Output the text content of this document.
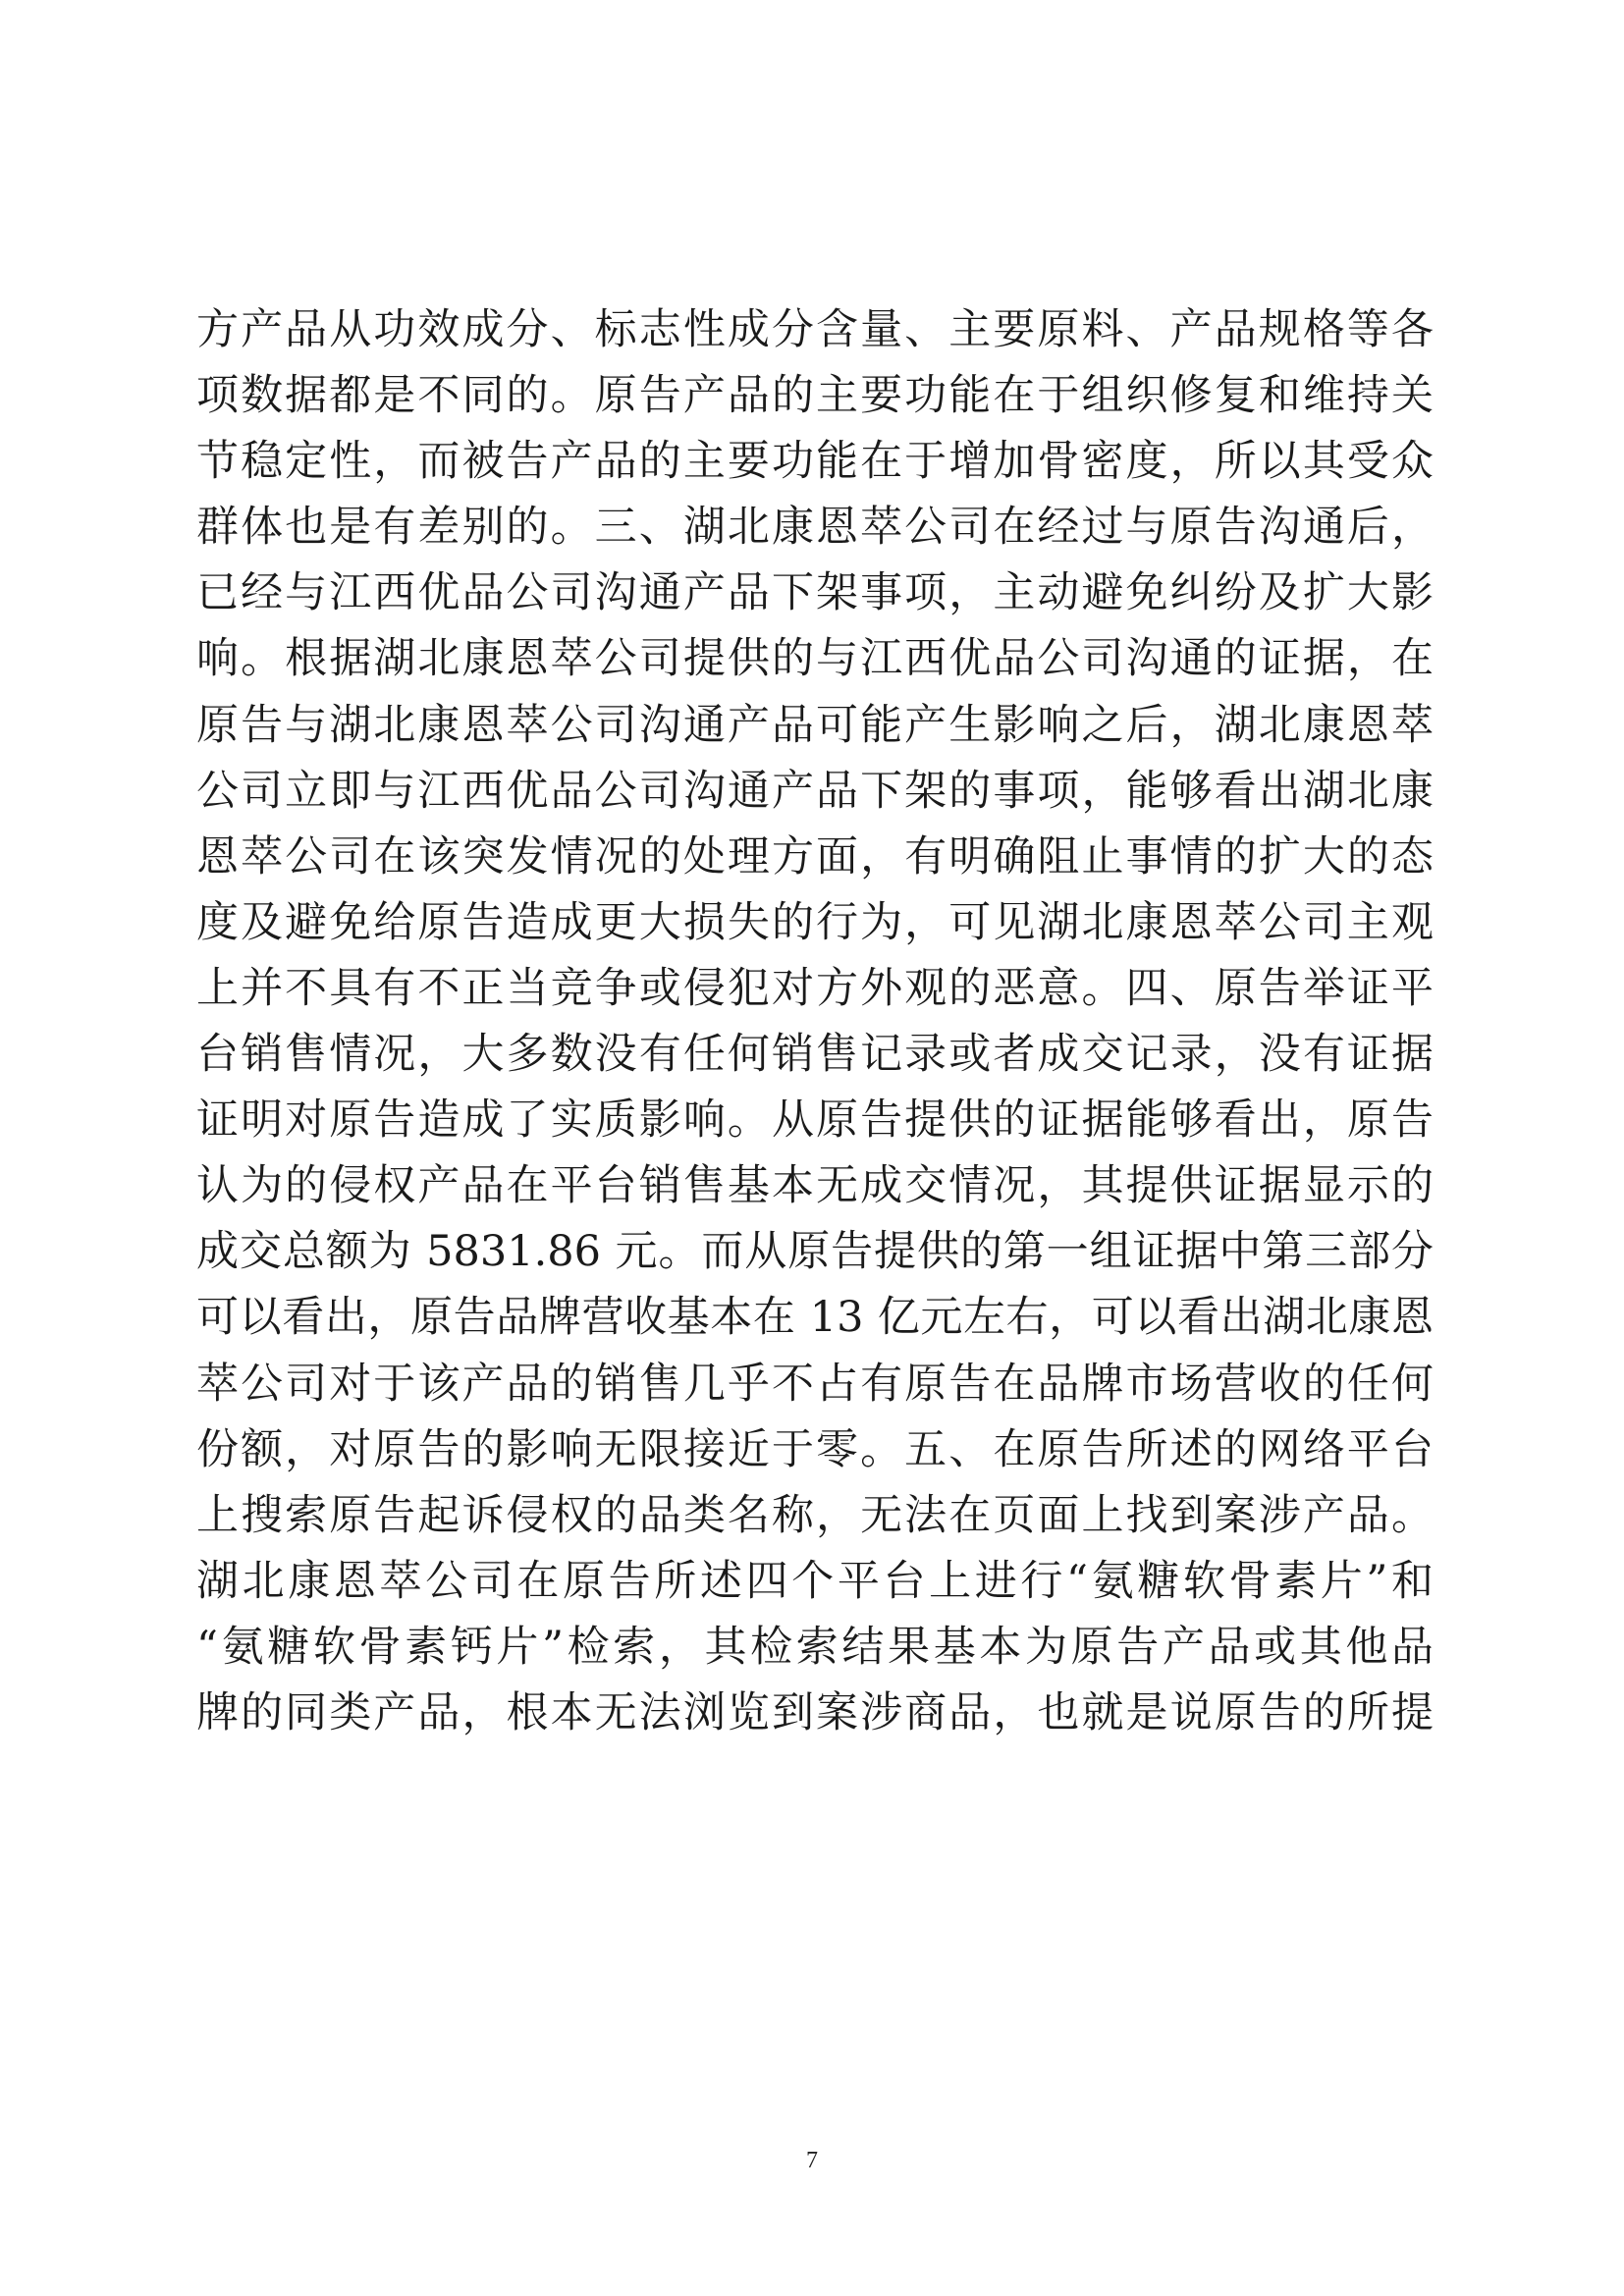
方产品从功效成分、标志性成分含量、主要原料、产品规格等各
项数据都是不同的。原告产品的主要功能在于组织修复和维持关
节稳定性，而被告产品的主要功能在于增加骨密度，所以其受众
群体也是有差别的。三、湖北康恩萃公司在经过与原告沟通后，
已经与江西优品公司沟通产品下架事项，主动避免纠纷及扩大影
响。根据湖北康恩萃公司提供的与江西优品公司沟通的证据，在
原告与湖北康恩萃公司沟通产品可能产生影响之后，湖北康恩萃
公司立即与江西优品公司沟通产品下架的事项，能够看出湖北康
恩萃公司在该突发情况的处理方面，有明确阻止事情的扩大的态
度及避免给原告造成更大损失的行为，可见湖北康恩萃公司主观
上并不具有不正当竞争或侵犯对方外观的恶意。四、原告举证平
台销售情况，大多数没有任何销售记录或者成交记录，没有证据
证明对原告造成了实质影响。从原告提供的证据能够看出，原告
认为的侵权产品在平台销售基本无成交情况，其提供证据显示的
成交总额为 5831.86 元。而从原告提供的第一组证据中第三部分
可以看出，原告品牌营收基本在 13 亿元左右，可以看出湖北康恩
萃公司对于该产品的销售几乎不占有原告在品牌市场营收的任何
份额，对原告的影响无限接近于零。五、在原告所述的网络平台
上搜索原告起诉侵权的品类名称，无法在页面上找到案涉产品。
湖北康恩萃公司在原告所述四个平台上进行“氨糖软骨素片”和
“氨糖软骨素钙片”检索，其检索结果基本为原告产品或其他品
牌的同类产品，根本无法浏览到案涉商品，也就是说原告的所提
7
